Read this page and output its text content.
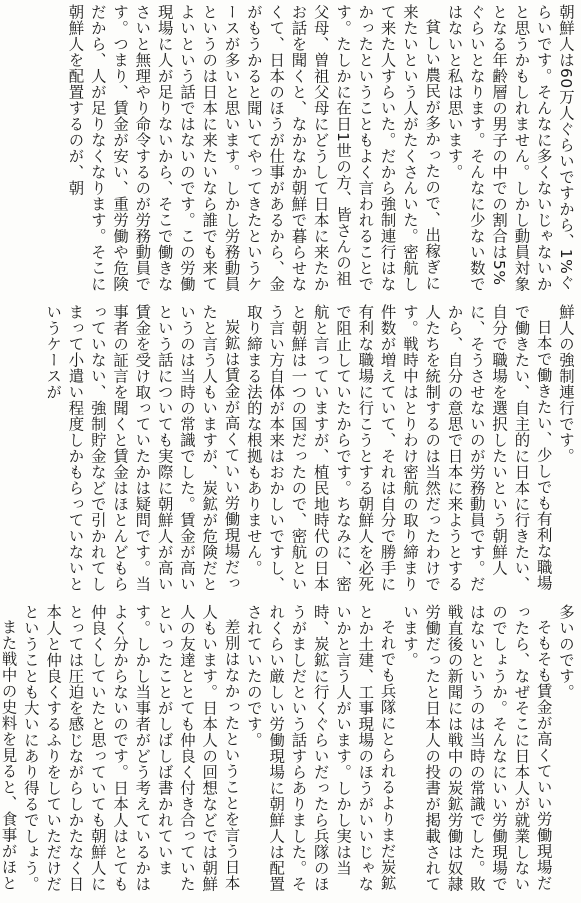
朝鮮人は60万人ぐらいですから、1%ぐらいです。そんなに多くないじゃないかと思うかもしれません。しかし動員対象となる年齢層の男子の中での割合は5%ぐらいとなります。そんなに少ない数ではないと私は思います。
貧しい農民が多かったので、出稼ぎに来たいという人がたくさんいた。密航して来た人すらいた。だから強制連行はなかったということもよく言われることです。たしかに在日1世の方、皆さんの祖父母、曽祖父母にどうして日本に来たかお話を聞くと、なかなか朝鮮で暮らせなくて、日本のほうが仕事があるから、金がもうかると聞いてやってきたというケースが多いと思います。しかし労務動員というのは日本に来たいなら誰でも来てよいという話ではないのです。この労働現場に人が足りないから、そこで働きなさいと無理やり命令するのが労務動員です。つまり、賃金が安い、重労働や危険だから、人が足りなくなります。そこに朝鮮人を配置するのが、朝
鮮人の強制連行です。
日本で働きたい、少しでも有利な職場で働きたい、自主的に日本に行きたい、自分で職場を選択したいという朝鮮人に、そうさせないのが労務動員です。だから、自分の意思で日本に来ようとする人たちを統制するのは当然だったわけです。戦時中はとりわけ密航の取り締まり件数が増えていて、それは自分で勝手に有利な職場に行こうとする朝鮮人を必死で阻止していたからです。ちなみに、密航と言っていますが、植民地時代の日本と朝鮮は一つの国だったので、密航という言い方自体が本来はおかしいですし、取り締まる法的な根拠もありません。
炭鉱は賃金が高くていい労働現場だったと言う人もいますが、炭鉱が危険だというのは当時の常識でした。賃金が高いという話についても実際に朝鮮人が高い賃金を受け取っていたかは疑問です。当事者の証言を聞くと賃金はほとんどもらっていない、強制貯金などで引かれてしまって小遣い程度しかもらっていないというケースが
多いのです。
そもそも賃金が高くていい労働現場だったら、なぜそこに日本人が就業しないのでしょうか。そんなにいい労働現場ではないというのは当時の常識でした。敗戦直後の新聞には戦中の炭鉱労働は奴隷労働だったと日本人の投書が掲載されています。
それでも兵隊にとられるよりまだ炭鉱とか土建、工事現場のほうがいいじゃないかと言う人がいます。しかし実は当時、炭鉱に行くぐらいだったら兵隊のほうがましだという話すらありました。それくらい厳しい労働現場に朝鮮人は配置されていたのです。
差別はなかったということを言う日本人もいます。日本人の回想などでは朝鮮人の友達ととても仲良く付き合っていたといったことがしばしば書かれています。しかし当事者がどう考えているかはよく分からないのです。日本人はとても仲良くしていたと思っていても朝鮮人にとっては圧迫を感じながらしかたなく日本人と仲良くするふりをしていただけだということも大いにあり得るでしょう。
また戦中の史料を見ると、食事がほと
